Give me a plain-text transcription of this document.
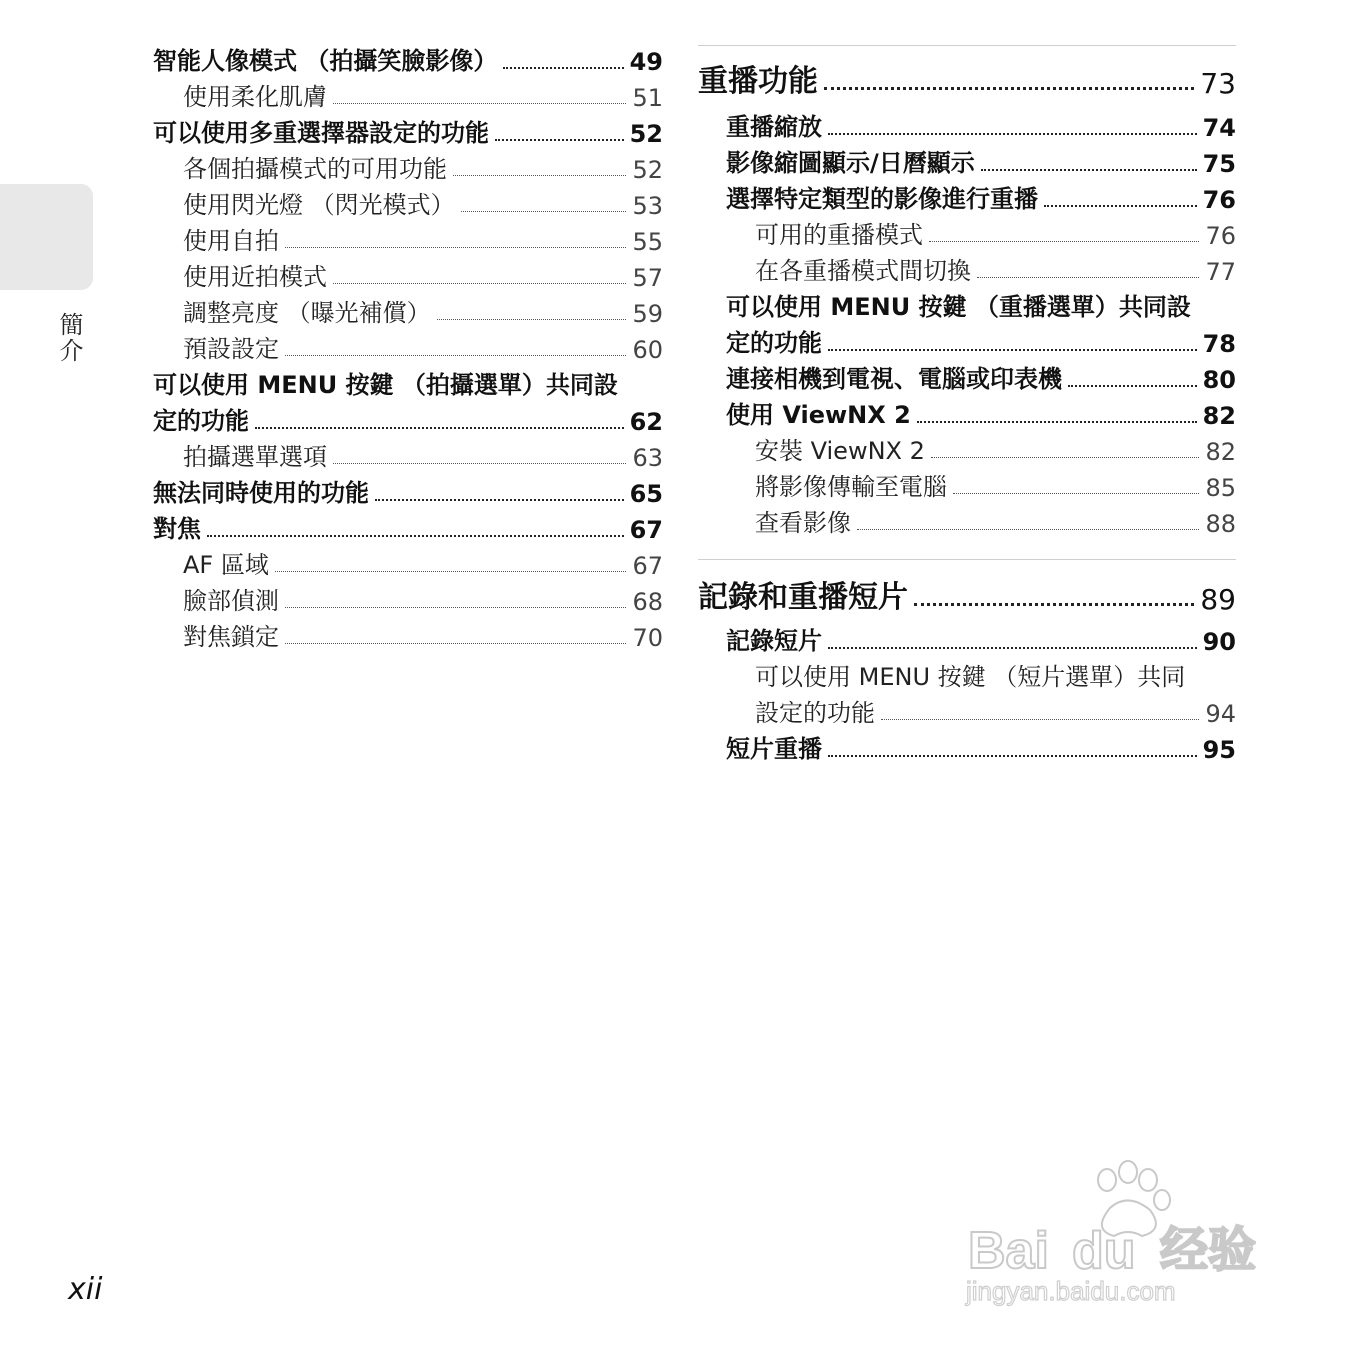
簡介
智能人像模式 （拍攝笑臉影像）	49
使用柔化肌膚	51
可以使用多重選擇器設定的功能	52
各個拍攝模式的可用功能	52
使用閃光燈 （閃光模式）	53
使用自拍	55
使用近拍模式	57
調整亮度 （曝光補償）	59
預設設定	60
可以使用 MENU 按鍵 （拍攝選單）共同設
定的功能	62
拍攝選單選項	63
無法同時使用的功能	65
對焦	67
AF 區域	67
臉部偵測	68
對焦鎖定	70
重播功能	73
重播縮放	74
影像縮圖顯示/日曆顯示	75
選擇特定類型的影像進行重播	76
可用的重播模式	76
在各重播模式間切換	77
可以使用 MENU 按鍵 （重播選單）共同設
定的功能	78
連接相機到電視、電腦或印表機	80
使用 ViewNX 2	82
安裝 ViewNX 2	82
將影像傳輸至電腦	85
查看影像	88
記錄和重播短片	89
記錄短片	90
可以使用 MENU 按鍵 （短片選單）共同
設定的功能	94
短片重播	95
xii
Bai du 经验
jingyan.baidu.com
